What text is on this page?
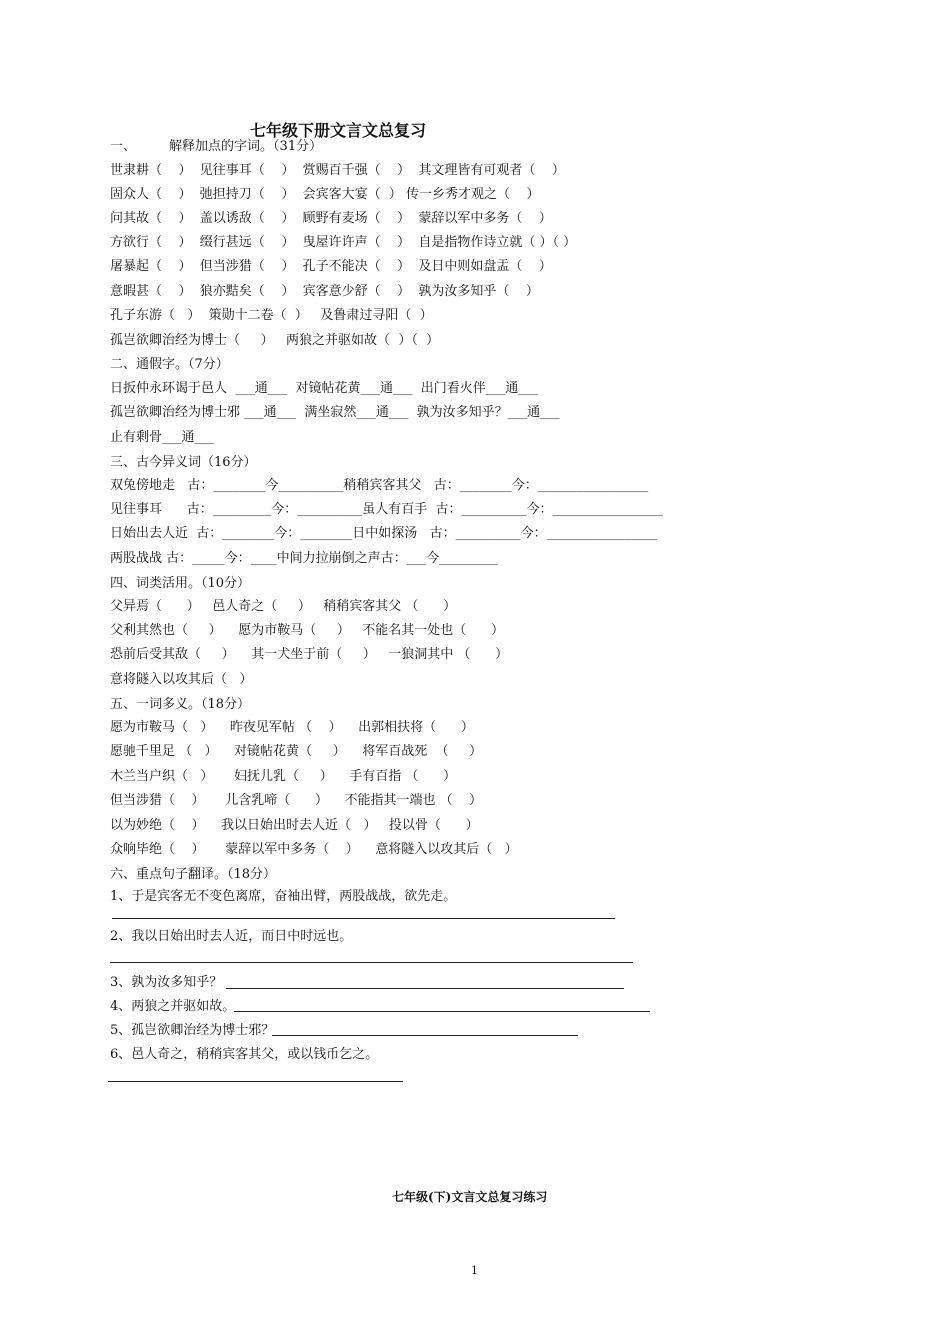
七年级下册文言文总复习
一、        解释加点的字词。（31分）
世隶耕（    ）  见往事耳（    ）  赏赐百千强（    ）  其文理皆有可观者（    ）
固众人（    ）  弛担持刀（    ）  会宾客大宴（  ） 传一乡秀才观之（    ）
问其故（    ）  盖以诱敌（    ）  顾野有麦场（    ）  蒙辞以军中多务（    ）
方欲行（    ）  缀行甚远（    ）  曳屋许许声（    ）  自是指物作诗立就（ ）（ ）
屠暴起（    ）  但当涉猎（    ）  孔子不能决（    ）  及日中则如盘盂（    ）
意暇甚（    ）  狼亦黠矣（    ）  宾客意少舒（    ）  孰为汝多知乎（    ）
孔子东游（   ）  策勋十二卷（  ）   及鲁肃过寻阳（  ）
孤岂欲卿治经为博士（     ）   两狼之并驱如故（  ）（  ）
二、通假字。（7分）
日扳仲永环谒于邑人  ___通___  对镜帖花黄___通___  出门看火伴___通___
孤岂欲卿治经为博士邪 ___通___  满坐寂然___通___  孰为汝多知乎？___通___
止有剩骨___通___
三、古今异义词（16分）
双兔傍地走   古：________今__________稍稍宾客其父   古：________今：_________________
见往事耳      古：_________今：__________虽人有百手  古：__________今：_________________
日始出去人近  古：________今：________日中如探汤   古：__________今：_________________
两股战战 古：_____今：____中间力拉崩倒之声古：___今_________
四、词类活用。（10分）
父异焉（      ）   邑人奇之（     ）   稍稍宾客其父 （      ）
父利其然也（     ）    愿为市鞍马（     ）   不能名其一处也（      ）
恐前后受其敌（     ）    其一犬坐于前（     ）   一狼洞其中 （      ）
意将隧入以攻其后（   ）
五、一词多义。（18分）
愿为市鞍马（   ）    昨夜见军帖 （    ）    出郭相扶将（      ）
愿驰千里足 （   ）    对镜帖花黄（     ）    将军百战死  （     ）
木兰当户织（   ）     妇抚儿乳（     ）    手有百指 （      ）
但当涉猎（    ）     儿含乳啼（      ）    不能指其一端也 （    ）
以为妙绝（    ）    我以日始出时去人近（   ）   投以骨（      ）
众响毕绝（    ）     蒙辞以军中多务（    ）    意将隧入以攻其后（   ）
六、重点句子翻译。（18分）
1、于是宾客无不变色离席，奋袖出臂，两股战战，欲先走。
2、我以日始出时去人近，而日中时远也。
3、孰为汝多知乎？
4、两狼之并驱如故。
5、孤岂欲卿治经为博士邪？
6、邑人奇之，稍稍宾客其父，或以钱币乞之。
七年级(下)文言文总复习练习
1
